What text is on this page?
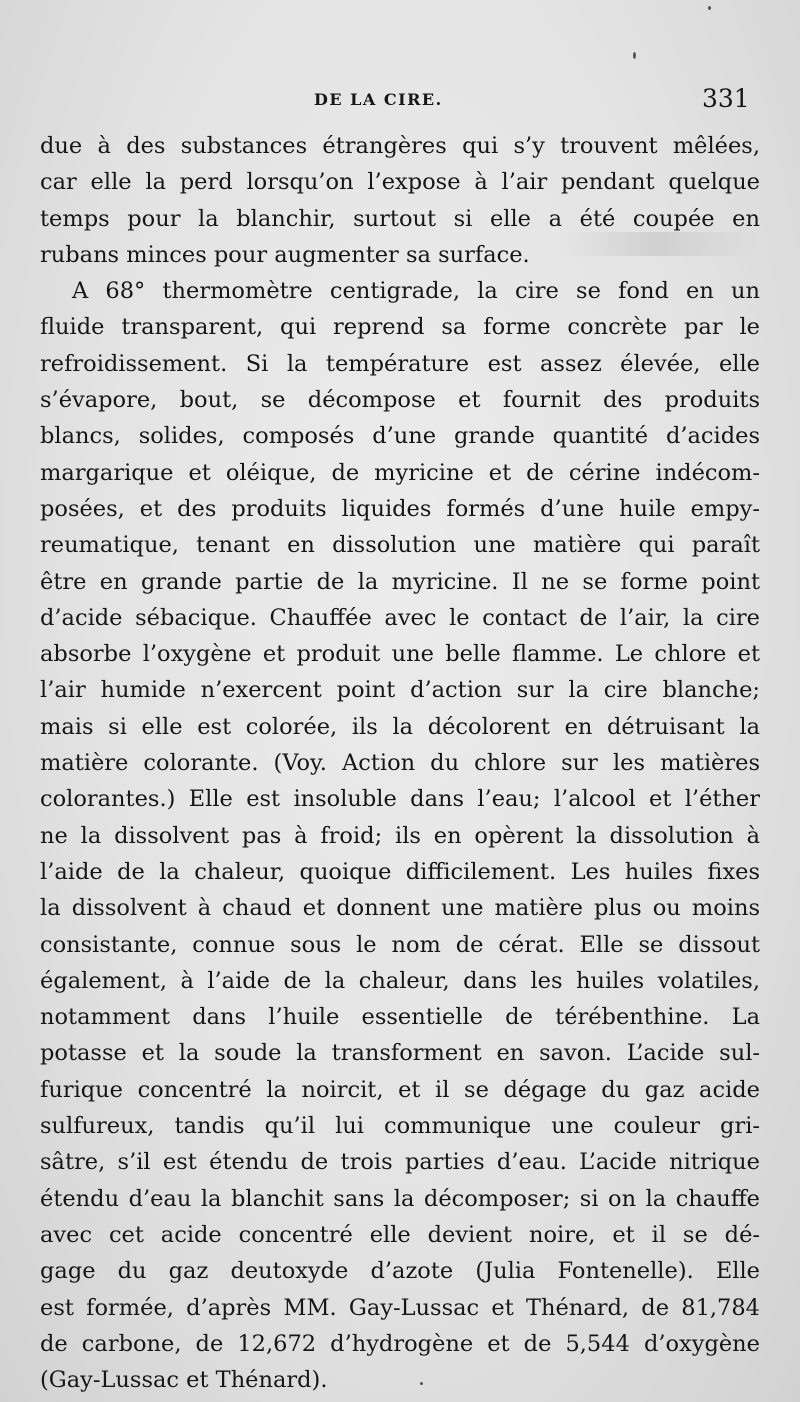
DE LA CIRE.	331
due à des substances étrangères qui s’y trouvent mêlées,
car elle la perd lorsqu’on l’expose à l’air pendant quelque
temps pour la blanchir, surtout si elle a été coupée en
rubans minces pour augmenter sa surface.
A 68° thermomètre centigrade, la cire se fond en un
fluide transparent, qui reprend sa forme concrète par le
refroidissement. Si la température est assez élevée, elle
s’évapore, bout, se décompose et fournit des produits
blancs, solides, composés d’une grande quantité d’acides
margarique et oléique, de myricine et de cérine indécom-
posées, et des produits liquides formés d’une huile empy-
reumatique, tenant en dissolution une matière qui paraît
être en grande partie de la myricine. Il ne se forme point
d’acide sébacique. Chauffée avec le contact de l’air, la cire
absorbe l’oxygène et produit une belle flamme. Le chlore et
l’air humide n’exercent point d’action sur la cire blanche;
mais si elle est colorée, ils la décolorent en détruisant la
matière colorante. (Voy. Action du chlore sur les matières
colorantes.) Elle est insoluble dans l’eau; l’alcool et l’éther
ne la dissolvent pas à froid; ils en opèrent la dissolution à
l’aide de la chaleur, quoique difficilement. Les huiles fixes
la dissolvent à chaud et donnent une matière plus ou moins
consistante, connue sous le nom de cérat. Elle se dissout
également, à l’aide de la chaleur, dans les huiles volatiles,
notamment dans l’huile essentielle de térébenthine. La
potasse et la soude la transforment en savon. L’acide sul-
furique concentré la noircit, et il se dégage du gaz acide
sulfureux, tandis qu’il lui communique une couleur gri-
sâtre, s’il est étendu de trois parties d’eau. L’acide nitrique
étendu d’eau la blanchit sans la décomposer; si on la chauffe
avec cet acide concentré elle devient noire, et il se dé-
gage du gaz deutoxyde d’azote (Julia Fontenelle). Elle
est formée, d’après MM. Gay-Lussac et Thénard, de 81,784
de carbone, de 12,672 d’hydrogène et de 5,544 d’oxygène
(Gay-Lussac et Thénard).
